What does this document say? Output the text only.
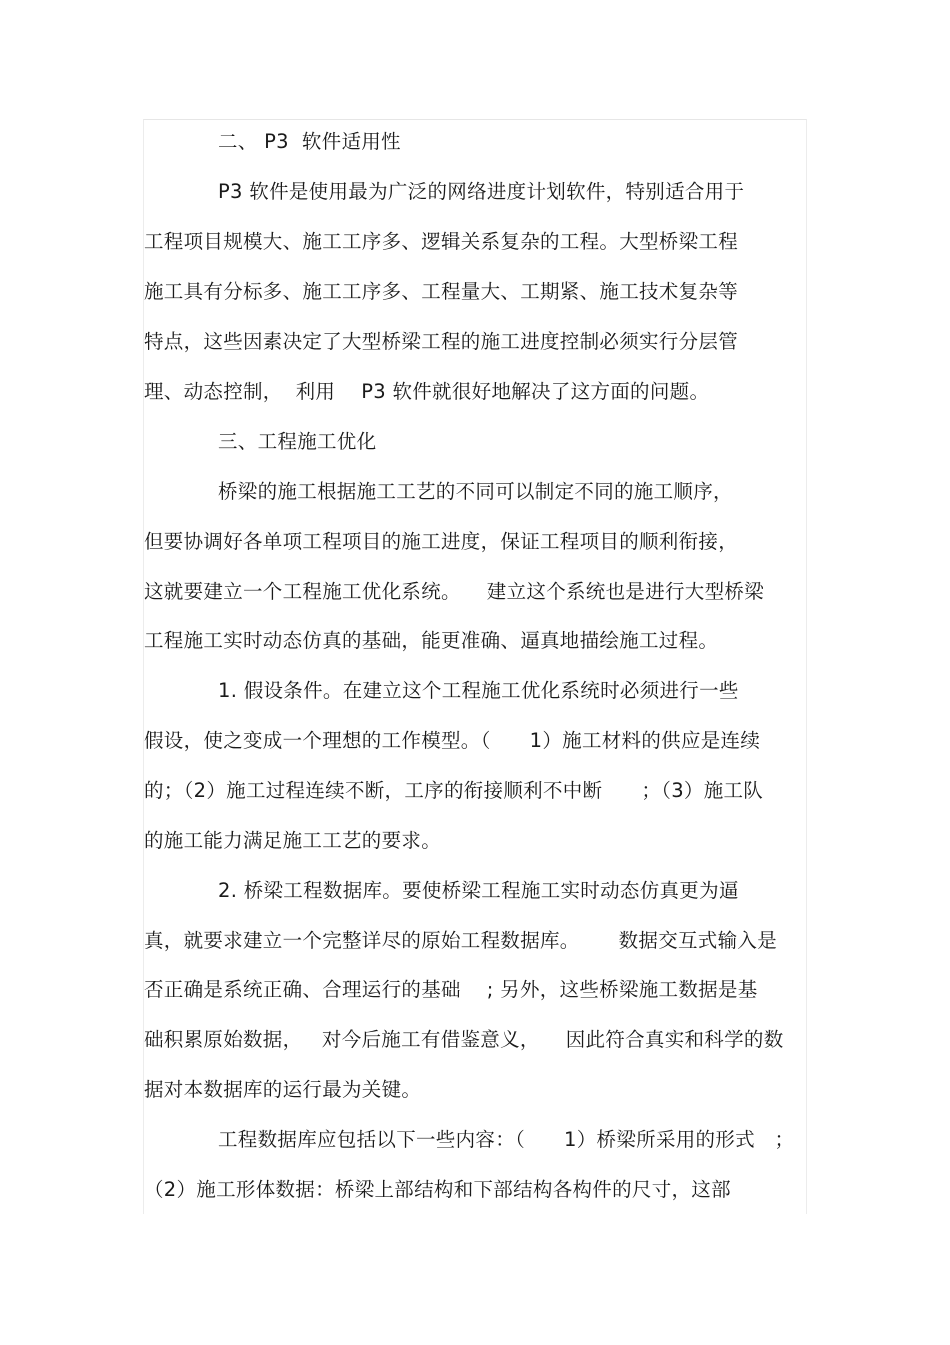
二、 P3  软件适用性
P3 软件是使用最为广泛的网络进度计划软件，特别适合用于
工程项目规模大、施工工序多、逻辑关系复杂的工程。大型桥梁工程
施工具有分标多、施工工序多、工程量大、工期紧、施工技术复杂等
特点，这些因素决定了大型桥梁工程的施工进度控制必须实行分层管
理、动态控制，  利用    P3 软件就很好地解决了这方面的问题。
三、工程施工优化
桥梁的施工根据施工工艺的不同可以制定不同的施工顺序，
但要协调好各单项工程项目的施工进度，保证工程项目的顺利衔接，
这就要建立一个工程施工优化系统。    建立这个系统也是进行大型桥梁
工程施工实时动态仿真的基础，能更准确、逼真地描绘施工过程。
1. 假设条件。在建立这个工程施工优化系统时必须进行一些
假设，使之变成一个理想的工作模型。（      1）施工材料的供应是连续
的；（2）施工过程连续不断，工序的衔接顺利不中断      ；（3）施工队
的施工能力满足施工工艺的要求。
2. 桥梁工程数据库。要使桥梁工程施工实时动态仿真更为逼
真，就要求建立一个完整详尽的原始工程数据库。      数据交互式输入是
否正确是系统正确、合理运行的基础    ; 另外，这些桥梁施工数据是基
础积累原始数据，   对今后施工有借鉴意义，    因此符合真实和科学的数
据对本数据库的运行最为关键。
工程数据库应包括以下一些内容：（      1）桥梁所采用的形式   ；
（2）施工形体数据：桥梁上部结构和下部结构各构件的尺寸，这部
